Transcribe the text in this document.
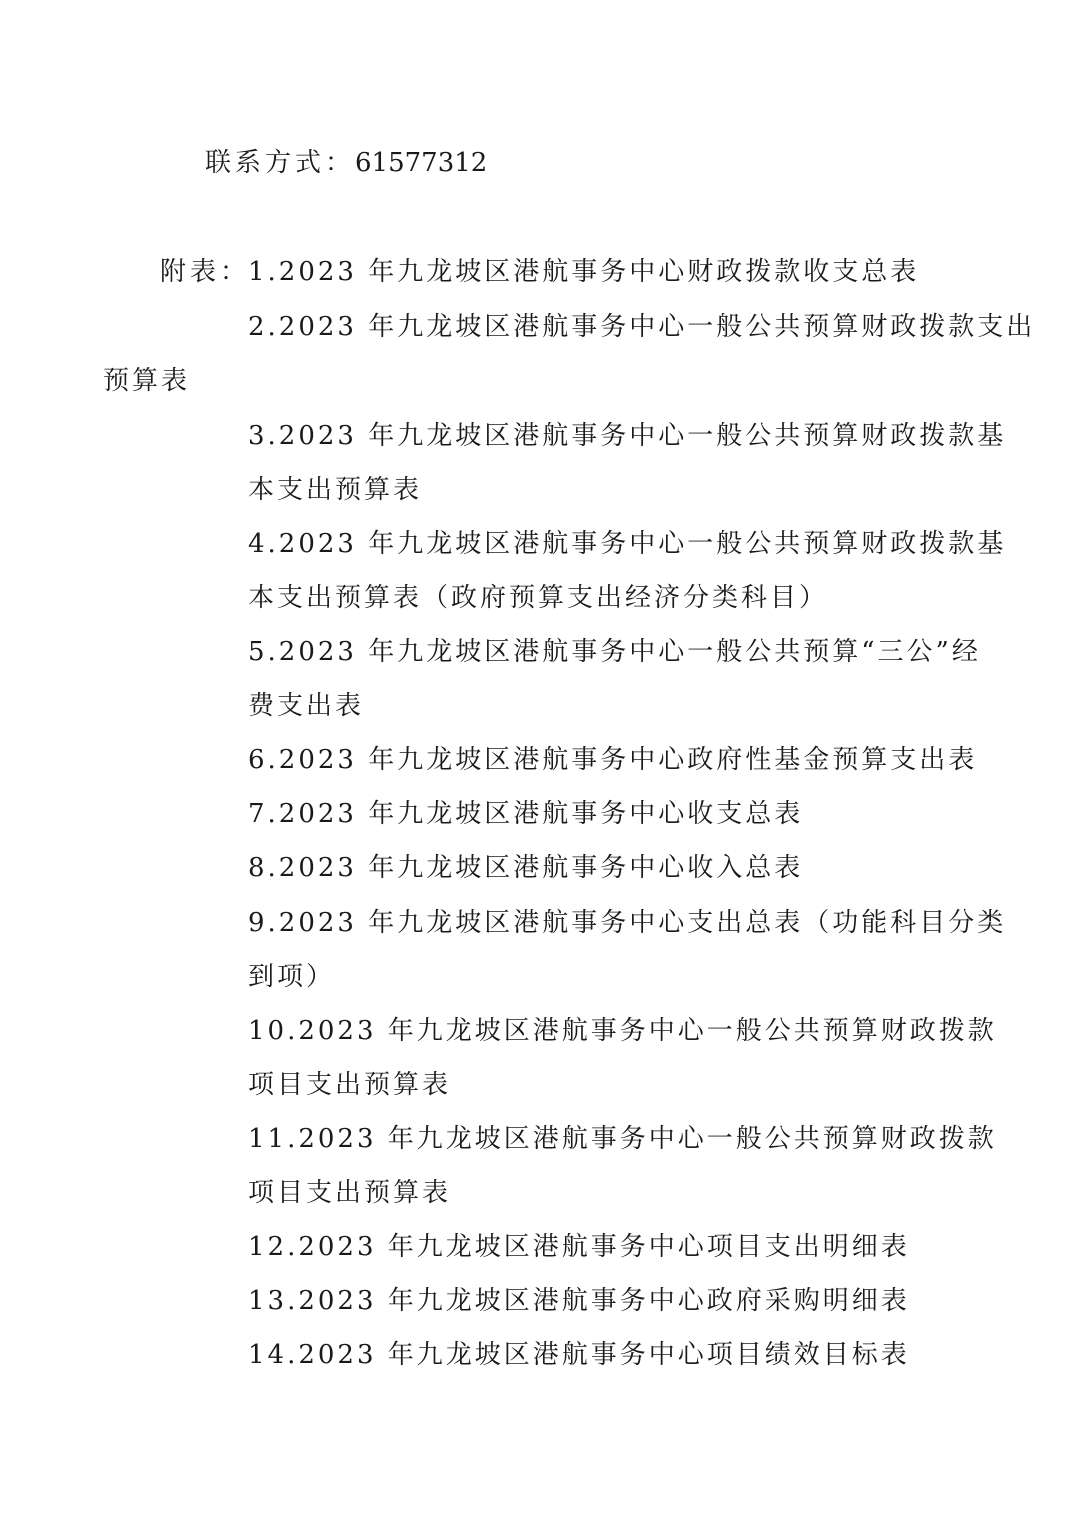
联系方式：61577312
附表：
1.2023 年九龙坡区港航事务中心财政拨款收支总表
2.2023 年九龙坡区港航事务中心一般公共预算财政拨款支出
预算表
3.2023 年九龙坡区港航事务中心一般公共预算财政拨款基
本支出预算表
4.2023 年九龙坡区港航事务中心一般公共预算财政拨款基
本支出预算表（政府预算支出经济分类科目）
5.2023 年九龙坡区港航事务中心一般公共预算“三公”经
费支出表
6.2023 年九龙坡区港航事务中心政府性基金预算支出表
7.2023 年九龙坡区港航事务中心收支总表
8.2023 年九龙坡区港航事务中心收入总表
9.2023 年九龙坡区港航事务中心支出总表（功能科目分类
到项）
10.2023 年九龙坡区港航事务中心一般公共预算财政拨款
项目支出预算表
11.2023 年九龙坡区港航事务中心一般公共预算财政拨款
项目支出预算表
12.2023 年九龙坡区港航事务中心项目支出明细表
13.2023 年九龙坡区港航事务中心政府采购明细表
14.2023 年九龙坡区港航事务中心项目绩效目标表
